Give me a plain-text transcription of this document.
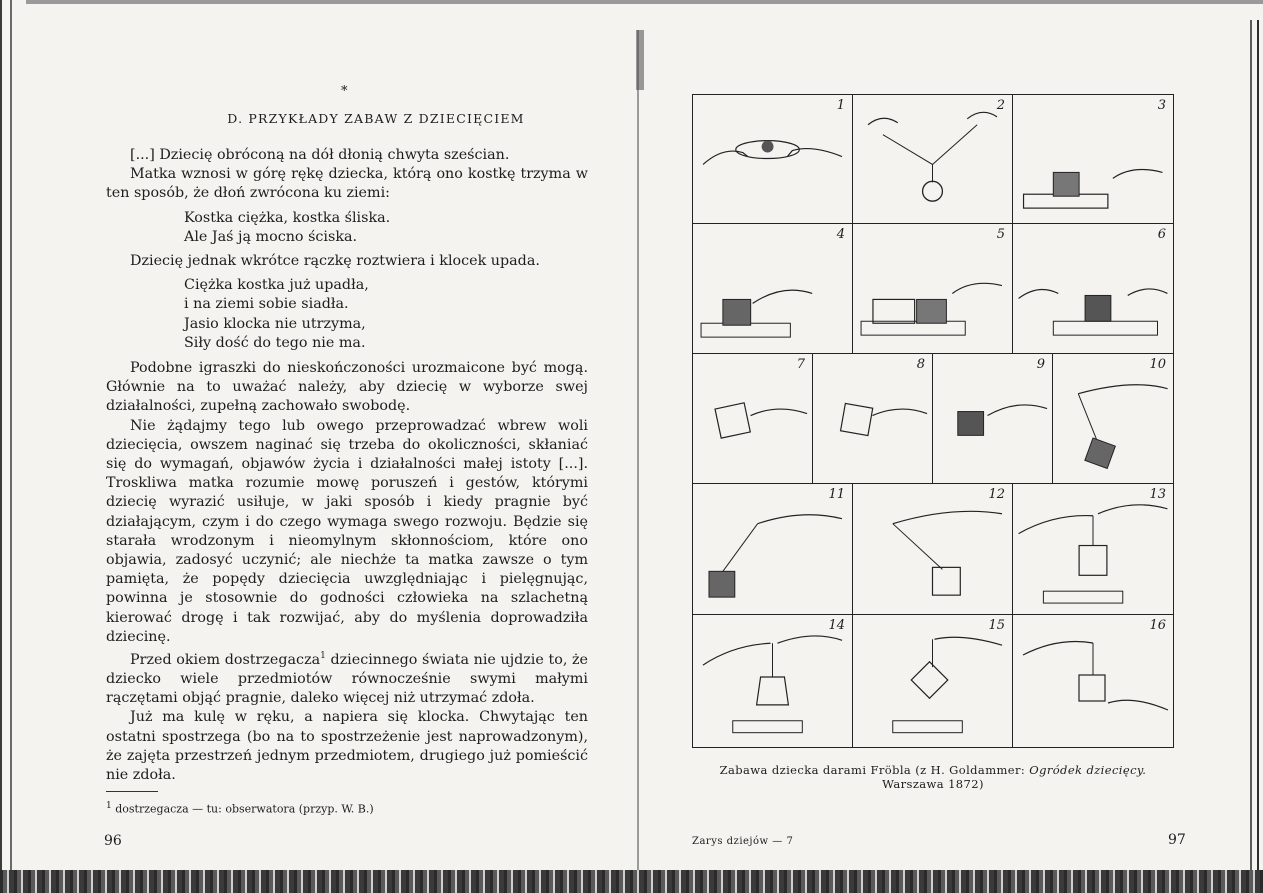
*
D. PRZYKŁADY ZABAW Z DZIECIĘCIEM

[...] Dziecię obróconą na dół dłonią chwyta sześcian.

Matka wznosi w górę rękę dziecka, którą ono kostkę trzyma w ten sposób, że dłoń zwrócona ku ziemi:

Kostka ciężka, kostka śliska.
Ale Jaś ją mocno ściska.

Dziecię jednak wkrótce rączkę roztwiera i klocek upada.

Ciężka kostka już upadła,
i na ziemi sobie siadła.
Jasio klocka nie utrzyma,
Siły dość do tego nie ma.

Podobne igraszki do nieskończoności urozmaicone być mogą. Głównie na to uważać należy, aby dziecię w wyborze swej działalności, zupełną zachowało swobodę.

Nie żądajmy tego lub owego przeprowadzać wbrew woli dziecięcia, owszem naginać się trzeba do okoliczności, skłaniać się do wymagań, objawów życia i działalności małej istoty [...]. Troskliwa matka rozumie mowę poruszeń i gestów, którymi dziecię wyrazić usiłuje, w jaki sposób i kiedy pragnie być działającym, czym i do czego wymaga swego rozwoju. Będzie się starała wrodzonym i nieomylnym skłonnościom, które ono objawia, zadosyć uczynić; ale niechże ta matka zawsze o tym pamięta, że popędy dziecięcia uwzględniając i pielęgnując, powinna je stosownie do godności człowieka na szlachetną kierować drogę i tak rozwijać, aby do myślenia doprowadziła dziecinę.

Przed okiem dostrzegacza$^1$ dziecinnego świata nie ujdzie to, że dziecko wiele przedmiotów równocześnie swymi małymi rączętami objąć pragnie, daleko więcej niż utrzymać zdoła.

Już ma kulę w ręku, a napiera się klocka. Chwytając ten ostatni spostrzega (bo na to spostrzeżenie jest naprowadzonym), że zajęta przestrzeń jednym przedmiotem, drugiego już pomieścić nie zdoła.

$^1$ dostrzegacza — tu: obserwatora (przyp. W. B.)
96
1	2	3
4	5	6
7	8	9	10
11	12	13
14	15	16
Zabawa dziecka darami Fröbla (z H. Goldammer: Ogródek dziecięcy.
Warszawa 1872)
Zarys dziejów — 7	97
